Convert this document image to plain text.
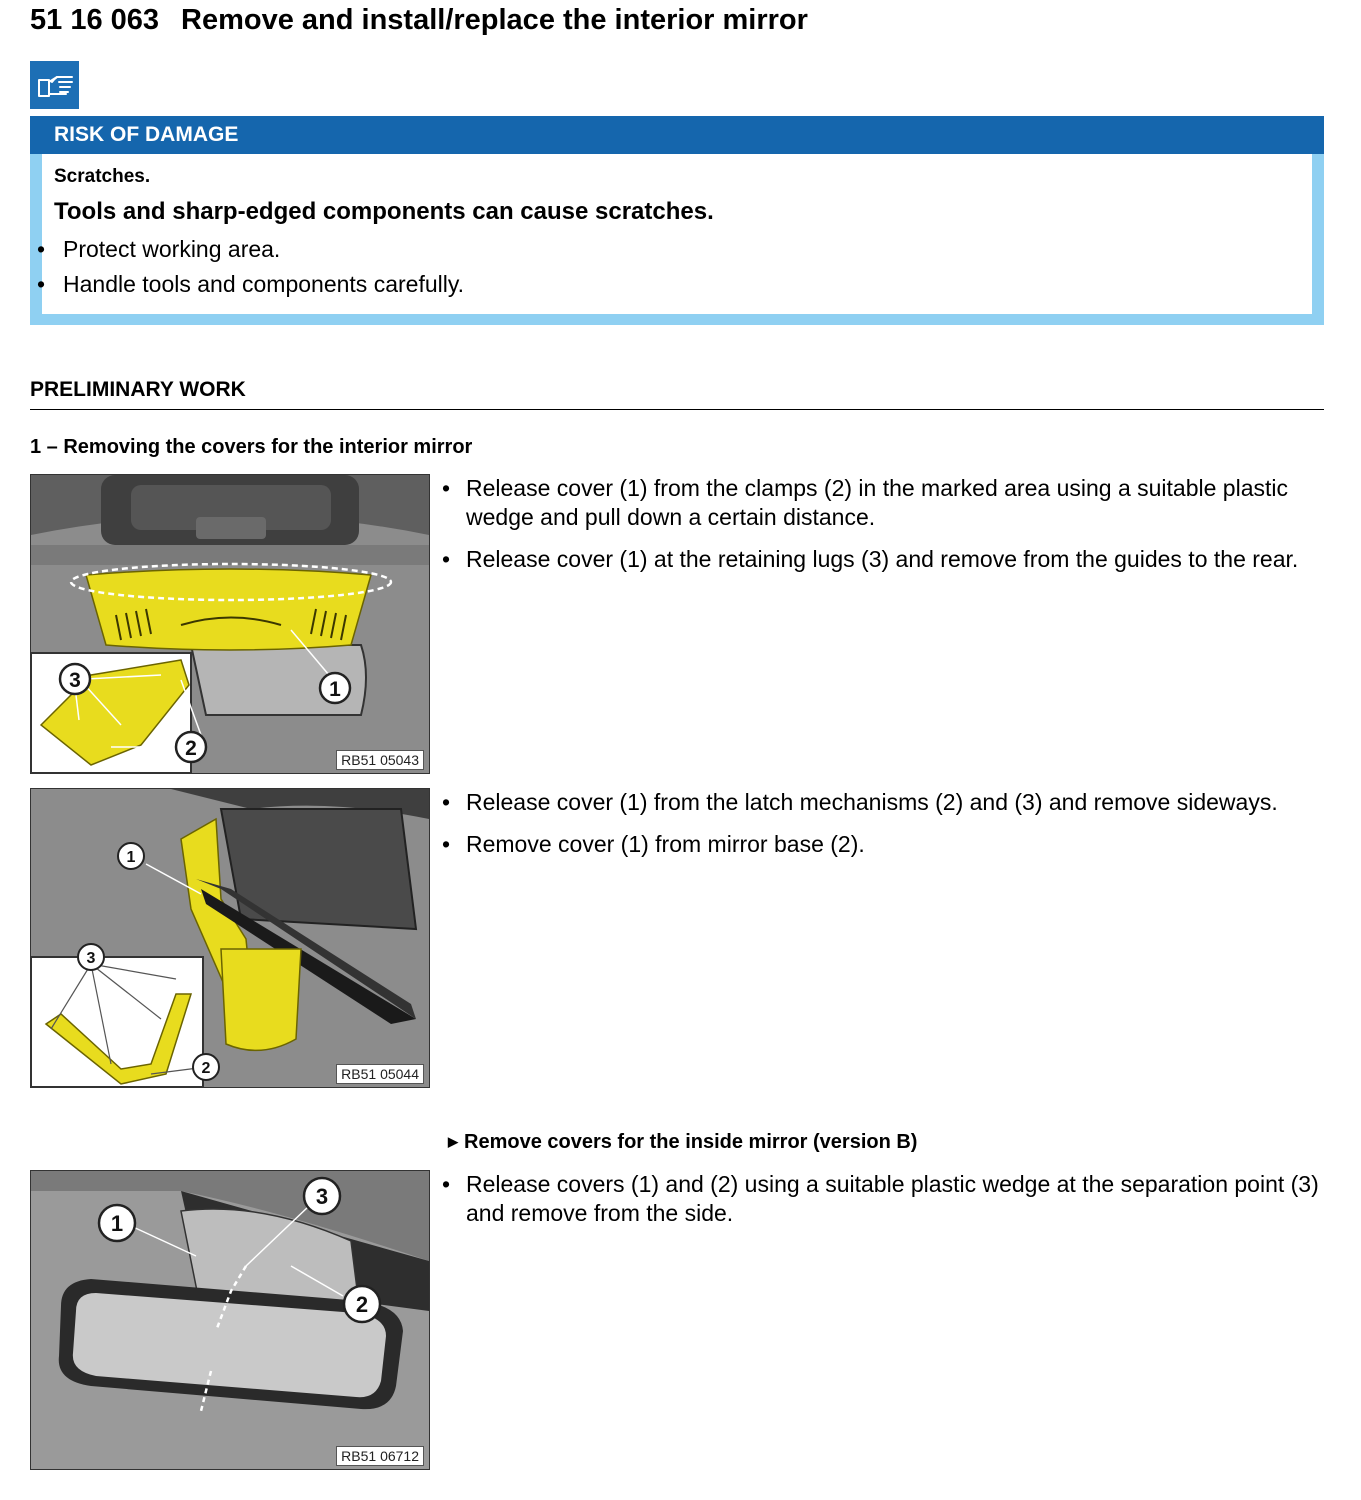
51 16 063 Remove and install/replace the interior mirror
RISK OF DAMAGE
Scratches.
Tools and sharp-edged components can cause scratches.
• Protect working area.
• Handle tools and components carefully.
PRELIMINARY WORK
1 – Removing the covers for the interior mirror
3
2
1
RB51 05043
• Release cover (1) from the clamps (2) in the marked area using a suitable plastic wedge and pull down a certain distance.
• Release cover (1) at the retaining lugs (3) and remove from the guides to the rear.
1
3
2	RB51 05044
• Release cover (1) from the latch mechanisms (2) and (3) and remove sideways.
• Remove cover (1) from mirror base (2).
▶ Remove covers for the inside mirror (version B)
1
3
2
RB51 06712
• Release covers (1) and (2) using a suitable plastic wedge at the separation point (3) and remove from the side.
